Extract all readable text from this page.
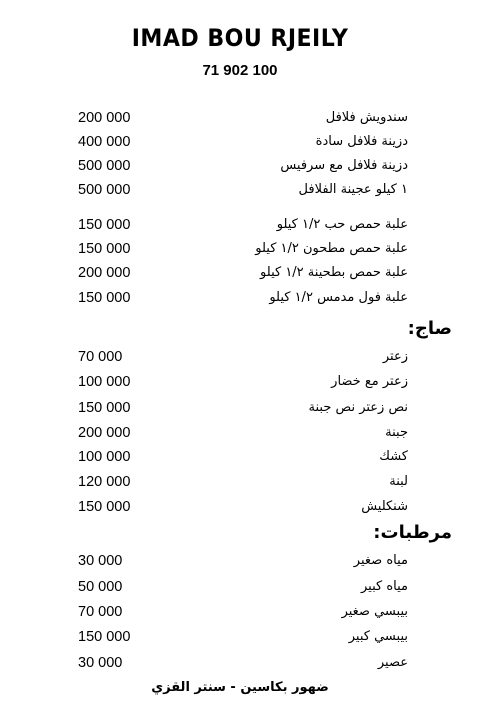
IMAD BOU RJEILY
71 902 100
200 000	سندويش فلافل
400 000	دزينة فلافل سادة
500 000	دزينة فلافل مع سرفيس
500 000	١ كيلو عجينة الفلافل
150 000	علبة حمص حب ١/٢ كيلو
150 000	علبة حمص مطحون ١/٢ كيلو
200 000	علبة حمص بطحينة ١/٢ كيلو
150 000	علبة فول مدمس ١/٢ كيلو
صاج:
70 000	زعتر
100 000	زعتر مع خضار
150 000	نص زعتر نص جبنة
200 000	جبنة
100 000	كشك
120 000	لبنة
150 000	شنكليش
مرطبات:
30 000	مياه صغير
50 000	مياه كبير
70 000	بيبسي صغير
150 000	بيبسي كبير
30 000	عصير
ضهور بكاسين - سنتر القزي
